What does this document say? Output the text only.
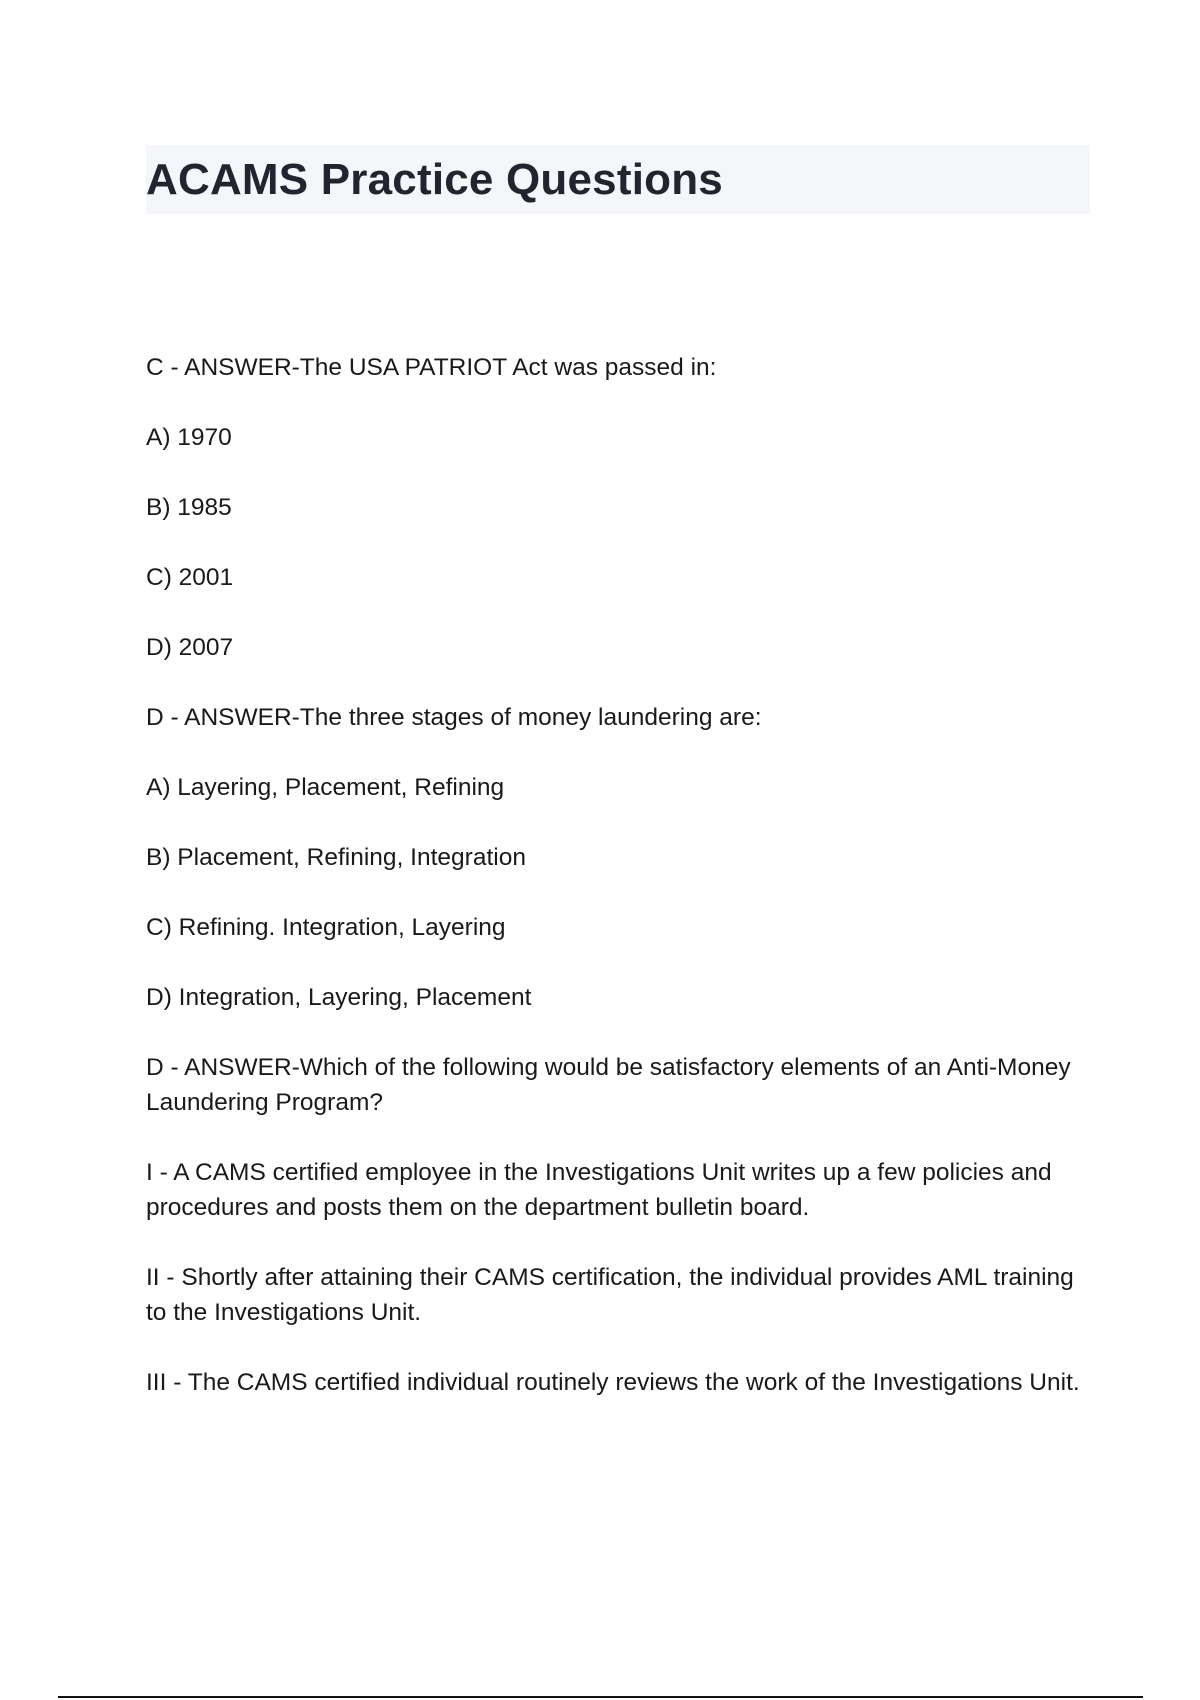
ACAMS Practice Questions

C - ANSWER-The USA PATRIOT Act was passed in:

A) 1970

B) 1985

C) 2001

D) 2007

D - ANSWER-The three stages of money laundering are:

A) Layering, Placement, Refining

B) Placement, Refining, Integration

C) Refining. Integration, Layering

D) Integration, Layering, Placement

D - ANSWER-Which of the following would be satisfactory elements of an Anti-Money Laundering Program?

I - A CAMS certified employee in the Investigations Unit writes up a few policies and procedures and posts them on the department bulletin board.

II - Shortly after attaining their CAMS certification, the individual provides AML training to the Investigations Unit.

III - The CAMS certified individual routinely reviews the work of the Investigations Unit.
